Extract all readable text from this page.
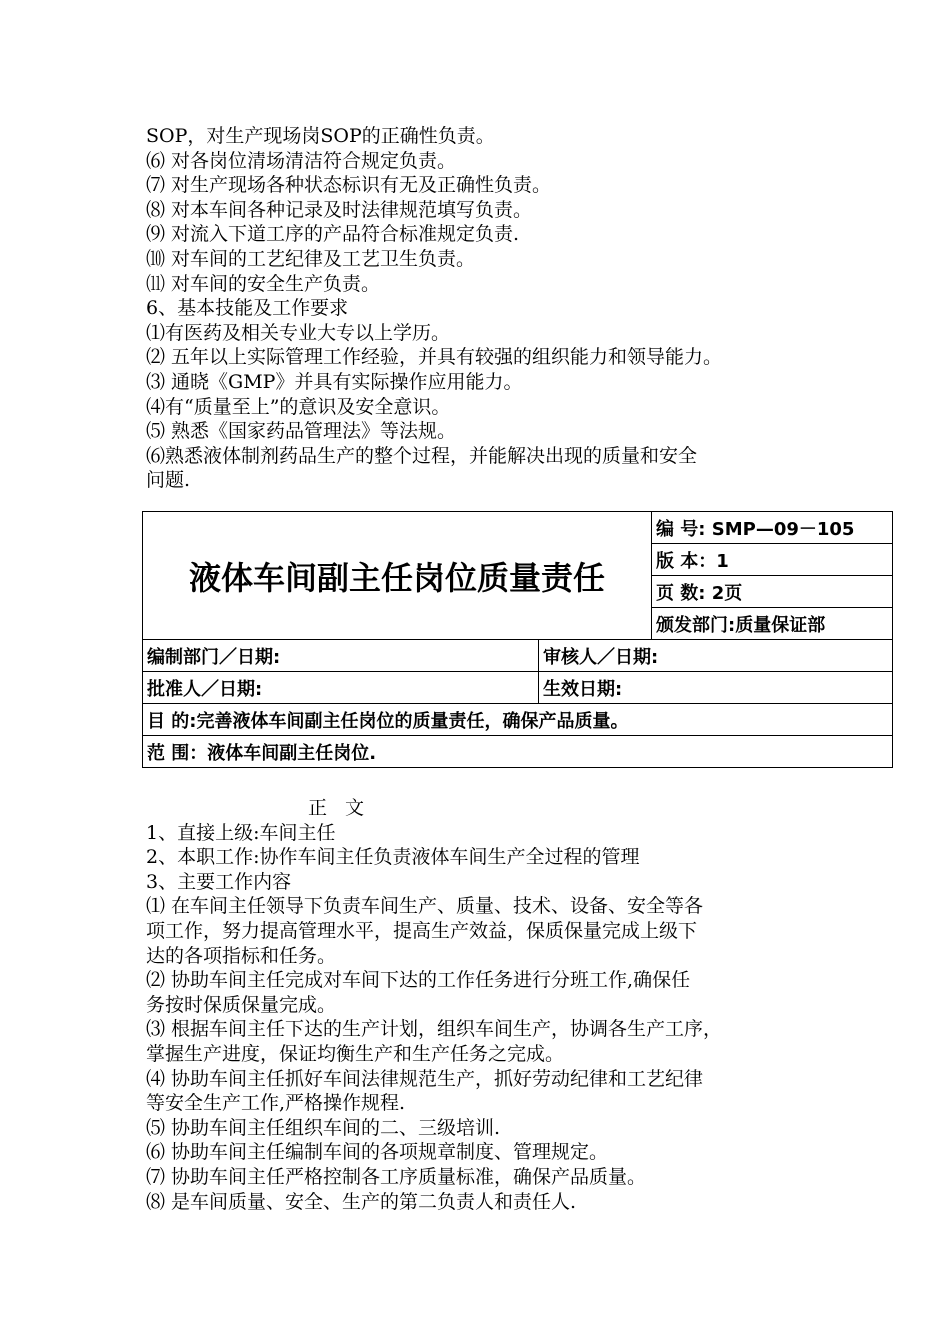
SOP，对生产现场岗SOP的正确性负责。
⑹ 对各岗位清场清洁符合规定负责。
⑺ 对生产现场各种状态标识有无及正确性负责。
⑻ 对本车间各种记录及时法律规范填写负责。
⑼ 对流入下道工序的产品符合标准规定负责.
⑽ 对车间的工艺纪律及工艺卫生负责。
⑾ 对车间的安全生产负责。
6、基本技能及工作要求
⑴有医药及相关专业大专以上学历。
⑵ 五年以上实际管理工作经验，并具有较强的组织能力和领导能力。
⑶ 通晓《GMP》并具有实际操作应用能力。
⑷有“质量至上”的意识及安全意识。
⑸ 熟悉《国家药品管理法》等法规。
⑹熟悉液体制剂药品生产的整个过程，并能解决出现的质量和安全
问题.
液体车间副主任岗位质量责任		编 号: SMP—09－105
		版 本：1
		页 数: 2页
		颁发部门:质量保证部
编制部门／日期:	审核人／日期:	
批准人／日期:	生效日期:	
目 的:完善液体车间副主任岗位的质量责任，确保产品质量。		
范 围：液体车间副主任岗位.		
正 文
1、直接上级:车间主任
2、本职工作:协作车间主任负责液体车间生产全过程的管理
3、主要工作内容
⑴ 在车间主任领导下负责车间生产、质量、技术、设备、安全等各
项工作，努力提高管理水平，提高生产效益，保质保量完成上级下
达的各项指标和任务。
⑵ 协助车间主任完成对车间下达的工作任务进行分班工作,确保任
务按时保质保量完成。
⑶ 根据车间主任下达的生产计划，组织车间生产，协调各生产工序，
掌握生产进度，保证均衡生产和生产任务之完成。
⑷ 协助车间主任抓好车间法律规范生产，抓好劳动纪律和工艺纪律
等安全生产工作,严格操作规程.
⑸ 协助车间主任组织车间的二、三级培训.
⑹ 协助车间主任编制车间的各项规章制度、管理规定。
⑺ 协助车间主任严格控制各工序质量标准，确保产品质量。
⑻ 是车间质量、安全、生产的第二负责人和责任人.
